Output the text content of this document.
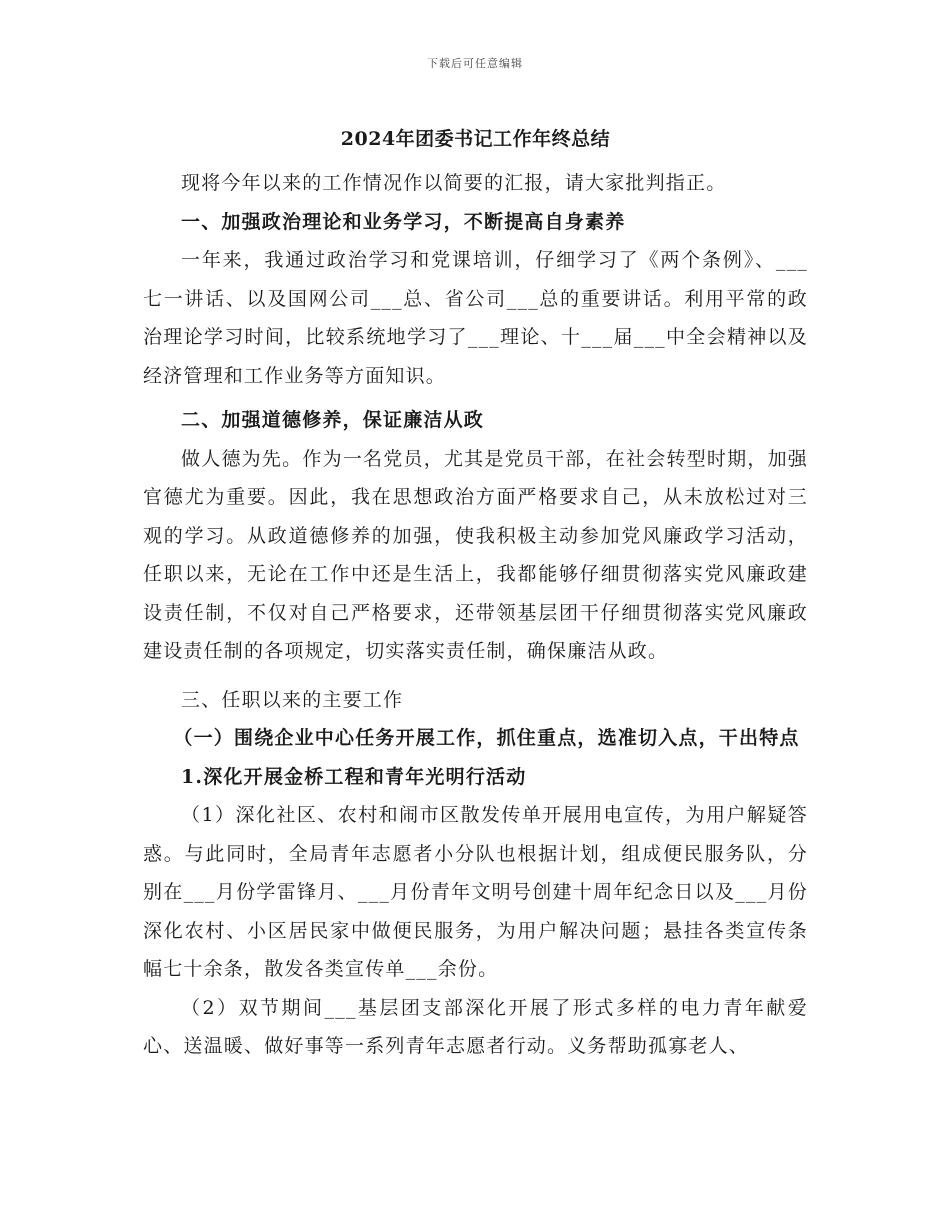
下载后可任意编辑
2024年团委书记工作年终总结

现将今年以来的工作情况作以简要的汇报，请大家批判指正。

一、加强政治理论和业务学习，不断提高自身素养

一年来，我通过政治学习和党课培训，仔细学习了《两个条例》、___七一讲话、以及国网公司___总、省公司___总的重要讲话。利用平常的政治理论学习时间，比较系统地学习了___理论、十___届___中全会精神以及经济管理和工作业务等方面知识。

二、加强道德修养，保证廉洁从政

做人德为先。作为一名党员，尤其是党员干部，在社会转型时期，加强官德尤为重要。因此，我在思想政治方面严格要求自己，从未放松过对三观的学习。从政道德修养的加强，使我积极主动参加党风廉政学习活动，任职以来，无论在工作中还是生活上，我都能够仔细贯彻落实党风廉政建设责任制，不仅对自己严格要求，还带领基层团干仔细贯彻落实党风廉政建设责任制的各项规定，切实落实责任制，确保廉洁从政。

三、任职以来的主要工作

（一）围绕企业中心任务开展工作，抓住重点，选准切入点，干出特点

1.深化开展金桥工程和青年光明行活动

（1）深化社区、农村和闹市区散发传单开展用电宣传，为用户解疑答惑。与此同时，全局青年志愿者小分队也根据计划，组成便民服务队，分别在___月份学雷锋月、___月份青年文明号创建十周年纪念日以及___月份深化农村、小区居民家中做便民服务，为用户解决问题；悬挂各类宣传条幅七十余条，散发各类宣传单___余份。

（2）双节期间___基层团支部深化开展了形式多样的电力青年献爱心、送温暖、做好事等一系列青年志愿者行动。义务帮助孤寡老人、
